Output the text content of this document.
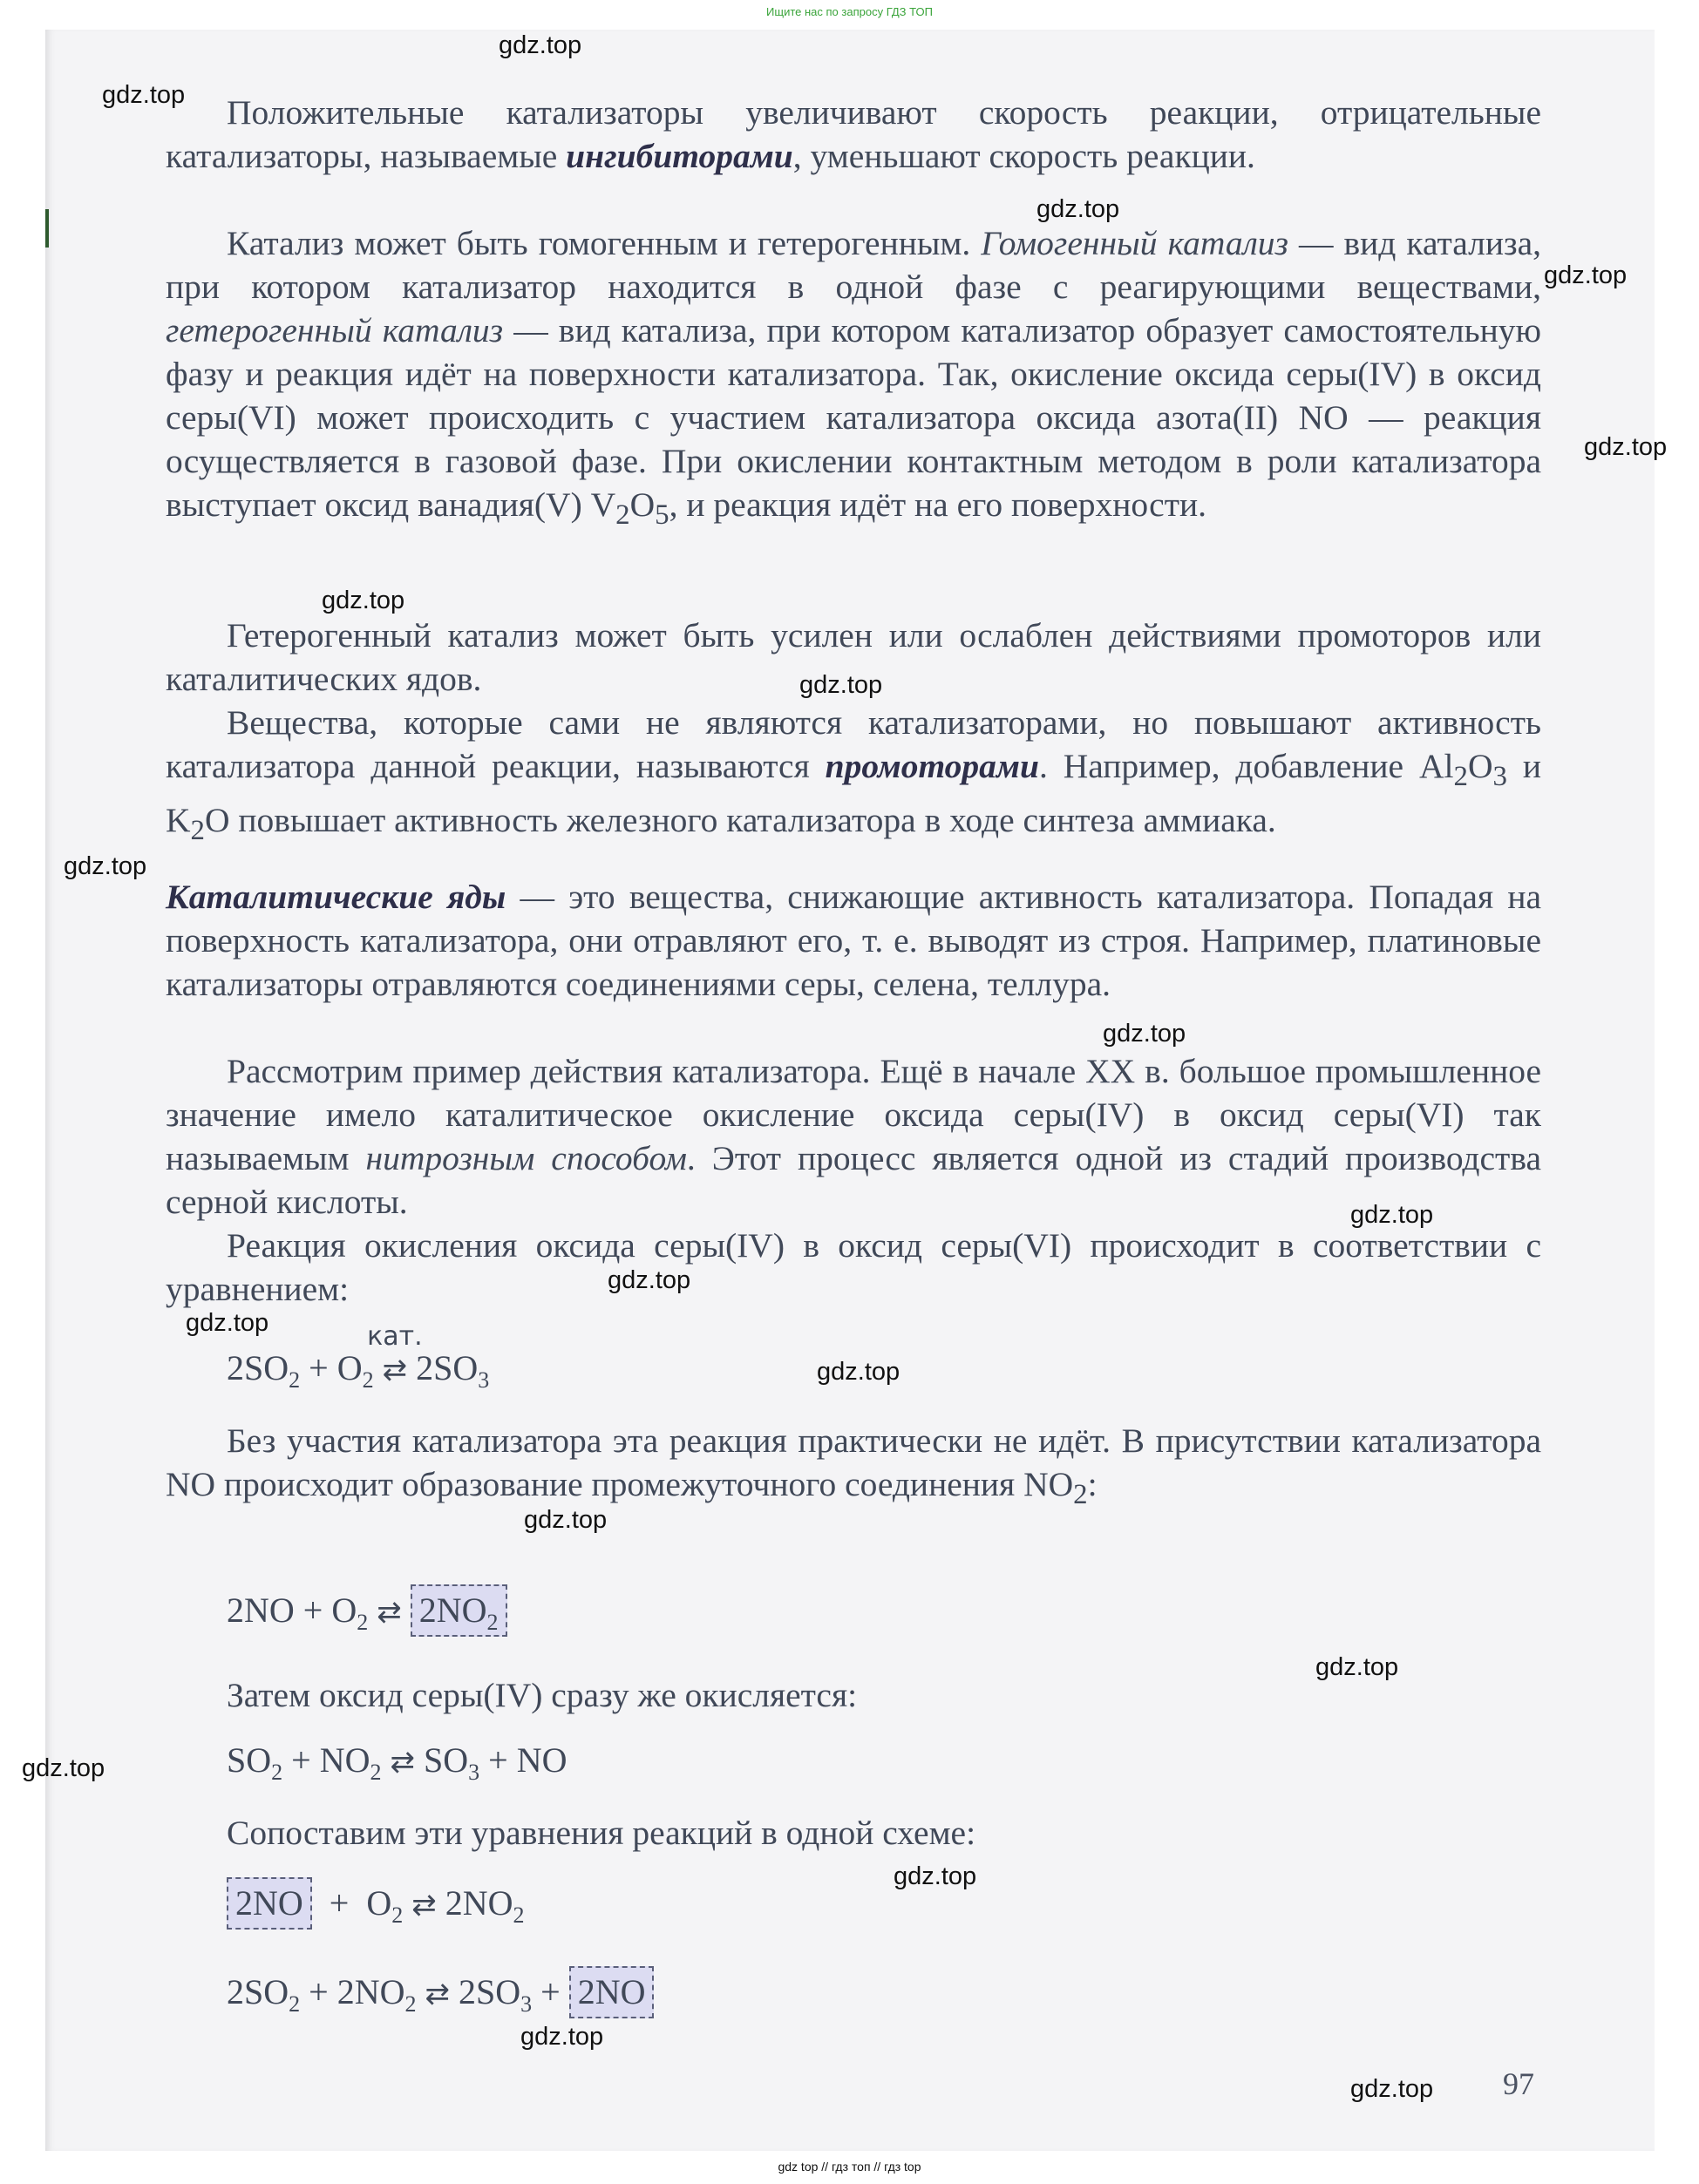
Ищите нас по запросу ГДЗ ТОП

Положительные катализаторы увеличивают скорость реакции, отрицательные катализаторы, называемые ингибиторами, уменьшают скорость реакции.

Катализ может быть гомогенным и гетерогенным. Гомогенный катализ — вид катализа, при котором катализатор находится в одной фазе с реагирующими веществами, гетерогенный катализ — вид катализа, при котором катализатор образует самостоятельную фазу и реакция идёт на поверхности катализатора. Так, окисление оксида серы(IV) в оксид серы(VI) может происходить с участием катализатора оксида азота(II) NO — реакция осуществляется в газовой фазе. При окислении контактным методом в роли катализатора выступает оксид ванадия(V) $V_2O_5$, и реакция идёт на его поверхности.

Гетерогенный катализ может быть усилен или ослаблен действиями промоторов или каталитических ядов.

Вещества, которые сами не являются катализаторами, но повышают активность катализатора данной реакции, называются промоторами. Например, добавление $Al_2O_3$ и $K_2O$ повышает активность железного катализатора в ходе синтеза аммиака.

Каталитические яды — это вещества, снижающие активность катализатора. Попадая на поверхность катализатора, они отравляют его, т. е. выводят из строя. Например, платиновые катализаторы отравляются соединениями серы, селена, теллура.

Рассмотрим пример действия катализатора. Ещё в начале XX в. большое промышленное значение имело каталитическое окисление оксида серы(IV) в оксид серы(VI) так называемым нитрозным способом. Этот процесс является одной из стадий производства серной кислоты.

Реакция окисления оксида серы(IV) в оксид серы(VI) происходит в соответствии с уравнением:

$2SO_2 + O_2$
кат.
⇄ $2SO_3$

Без участия катализатора эта реакция практически не идёт. В присутствии катализатора NO происходит образование промежуточного соединения $NO_2$:

$2NO + O_2$ ⇄ $2NO_2$

Затем оксид серы(IV) сразу же окисляется:

$SO_2 + NO_2$ ⇄ $SO_3$ + NO

Сопоставим эти уравнения реакций в одной схеме:

$2NO + O_2$ ⇄ $2NO_2$
$2SO_2 + 2NO_2$ ⇄ $2SO_3 + 2NO$
97
gdz.top
gdz.top
gdz.top
gdz.top
gdz.top
gdz.top
gdz.top
gdz.top
gdz.top
gdz.top
gdz.top
gdz.top
gdz.top
gdz.top
gdz.top
gdz.top
gdz.top
gdz.top
gdz.top
gdz top // гдз топ // гдз top
